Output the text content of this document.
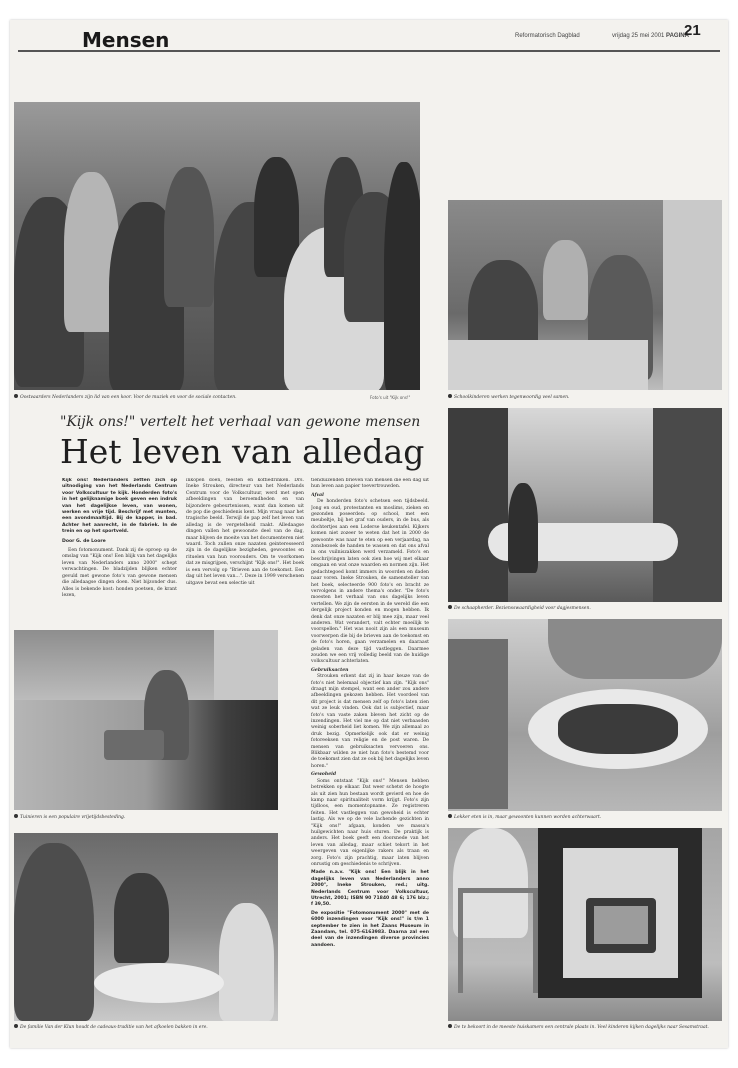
Mensen	Reformatorisch Dagblad	vrijdag 25 mei 2001 PAGINA
21
Oostvaarders Nederlanders zijn lid van een koor. Voor de muziek en voor de sociale contacten.	Foto's uit "Kijk ons!"	Schoolkinderen werken tegenwoordig veel samen.
"Kijk ons!" vertelt het verhaal van gewone mensen
Het leven van alledag
Kijk ons! Nederlanders zetten zich op uitnodiging van het Nederlands Centrum voor Volkscultuur te kijk. Honderden foto's in het gelijknamige boek geven een indruk van het dagelijkse leven, van wonen, werken en vrije tijd. Beschrijf met munten, een avondmaaltijd. Bij de kapper, in bad. Achter het aanrecht, in de fabriek. In de trein en op het sportveld.
Door G. de Loore

Een fotomonument. Dank zij de oproep op de omslag van "Kijk ons! Een blijk van het dagelijks leven van Nederlanders anno 2000" schept verwachtingen. De bladzijden blijken echter gevuld met gewone foto's van gewone mensen die alledaagse dingen doen. Niet bijzonder dus. Alles is bekende kost: honden poetsen, de krant lezen,

inkopen doen, feesten en koffiedrinken. Drs. Ineke Strouken, directeur van het Nederlands Centrum voor de Volkscultuur, werd met open afbeeldingen van beroemdheden en van bijzondere gebeurtenissen, want dan komen uit de pop die geschiedenis kent. Mijn vraag naar het tragische beeld. Terwijl de pap zelf het leven van alledag is de vergetelheid raakt. Alledaagse dingen vallen het gewoonste deel van de dag, maar blijven de moeite van het documenteren niet waard. Toch zullen onze nazaten geinteresseerd zijn in de dagelijkse bezigheden, gewoontes en rituelen van hun voorouders. Om te voorkomen dat ze misgrijpen, verschijnt "Kijk ons!". Het boek is een vervolg op "Brieven aan de toekomst. Een dag uit het leven van...". Deze in 1999 verschenen uitgave bevat een selectie uit

tienduizenden brieven van mensen die een dag uit hun leven aan papier toevertrouwden.

Afval

De honderden foto's schetsen een tijdsbeeld. Jong en oud, protestanten en moslims, zieken en gezonden poseerden: op school, met een meubeltje, bij het graf van ouders, in de bus, als dochtertjes aan een Loderse keukentafel. Kijkers komen niet zozeer te weten dat het in 2000 de gewoonte was naar te eten op een verjaardag, na zonsbezoek de handen te wassen en dat ons afval in ons vuilniszakken werd verzameld. Foto's en beschrijvingen laten ook zien hoe wij met elkaar omgaan en wat onze waarden en normen zijn. Het gedachtegoed komt immers in woorden en daden naar voren. Ineke Strouken, de samensteller van het boek, selecteerde 900 foto's en bracht ze vervolgens in andere thema's onder. "De foto's moesten het verhaal van ons dagelijks leven vertellen. We zijn de eersten in de wereld die een dergelijk project konden en mogen hebben. Ik denk dat onze nazaten er blij mee zijn, maar veel anderen. Wat verandert, valt echter moeilijk te voorspellen." Het was nooit zijn als een museum voorwerpen die bij de brieven aan de toekomst en de foto's horen, gaan verzamelen en daaraast geladen van deze tijd vastleggen. Daarmee zouden we een vrij volledig beeld van de huidige volkscultuur achterlaten.

Gebruiksacten

Strouken erkent dat zij in haar keuze van de foto's niet helemaal objectief kan zijn. "Kijk ons" draagt mijn stempel, want een ander zou andere afbeeldingen gekozen hebben. Het voordeel van dit project is dat mensen zelf op foto's laten zien wat ze leuk vinden. Ook dat is subjectief, maar foto's van vaste zaken bleven het zicht op de inzendingen. Het viel me op dat niet verbaasden weinig soberheid liet komen. We zijn allemaal zo druk bezig. Opmerkelijk ook dat er weinig fotoreeksen van religie en de post waren. De mensen van gebruiksacten vervoeren ons. Blikbaar wilden ze niet hun foto's bestemd voor de toekomst zien dat ze ook bij het dagelijks leven horen."

Gewoheid

Soms ontstaat "Kijk ons!" Mensen hebben betrekken op elkaar. Dat weer schetst de hoogte als uit zien hun bestaan wordt gevierd en hoe de kamp naar spiritualiteit vorm krijgt. Foto's zijn tijdloos, een momentopname. Ze registreren feiten. Het vastleggen van gewoheid is echter lastig. Als we op de vele lachende gezichten in "Kijk ons!" afgaan, konden we massa's huilgewichten naar huis sturen. De praktijk is anders. Het boek geeft een doorsnede van het leven van alledag, maar schiet tekort in het weergeven van eigenlijke rakers als traan en zorg. Foto's zijn prachtig, maar laten blijven onrustig om geschiedenis te schrijven.

Made n.a.v. "Kijk ons! Een blijk in het dagelijks leven van Nederlanders anno 2000", Ineke Strouken, red.; uitg. Nederlands Centrum voor Volkscultuur, Utrecht, 2001; ISBN 90 71840 48 6; 176 blz.; f 39,50.

De expositie "Fotomonument 2000" met de 6000 inzendingen voor "Kijk ons!" is t/m 1 september te zien in het Zaans Museum in Zaandam, tel. 075-6163983. Daarna zal een deel van de inzendingen diverse provincies aandoen.

De schaapherder. Beziensswaardigheid voor dagjesmensen.
Tuinieren is een populaire vrijetijdsbesteding.	Lekker eten is in, maar gewoonten kunnen worden achterwaart.
De familie Van der Klun houdt de cadeaus-traditie van het afkoelen bakken in ere.	De tv bekoort in de meeste huiskamers een centrale plaats in. Veel kinderen kijken dagelijks naar Sesamstraat.
